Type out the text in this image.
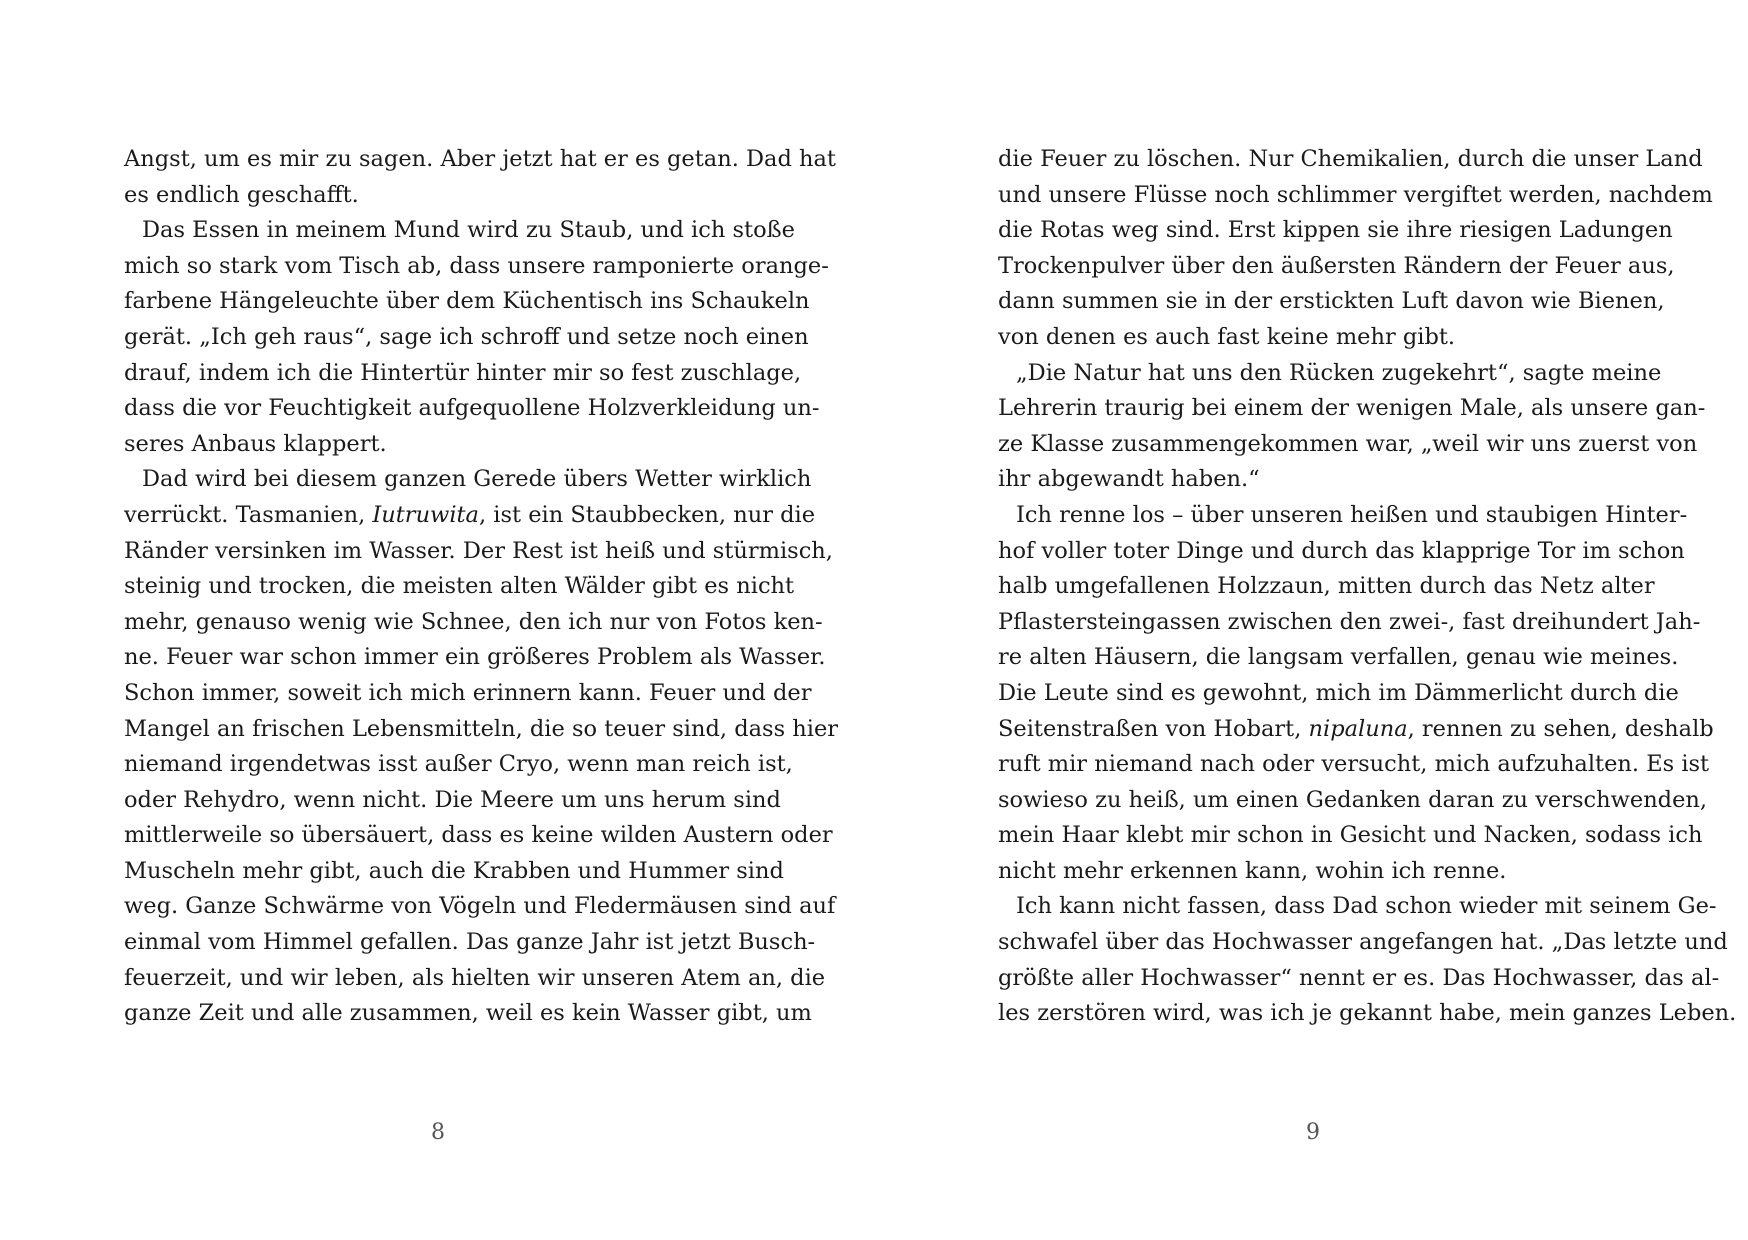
Angst, um es mir zu sagen. Aber jetzt hat er es getan. Dad hat
es endlich geschafft.
Das Essen in meinem Mund wird zu Staub, und ich stoße
mich so stark vom Tisch ab, dass unsere ramponierte orange-
farbene Hängeleuchte über dem Küchentisch ins Schaukeln
gerät. „Ich geh raus“, sage ich schroff und setze noch einen
drauf, indem ich die Hintertür hinter mir so fest zuschlage,
dass die vor Feuchtigkeit aufgequollene Holzverkleidung un-
seres Anbaus klappert.
Dad wird bei diesem ganzen Gerede übers Wetter wirklich
verrückt. Tasmanien, Iutruwita, ist ein Staubbecken, nur die
Ränder versinken im Wasser. Der Rest ist heiß und stürmisch,
steinig und trocken, die meisten alten Wälder gibt es nicht
mehr, genauso wenig wie Schnee, den ich nur von Fotos ken-
ne. Feuer war schon immer ein größeres Problem als Wasser.
Schon immer, soweit ich mich erinnern kann. Feuer und der
Mangel an frischen Lebensmitteln, die so teuer sind, dass hier
niemand irgendetwas isst außer Cryo, wenn man reich ist,
oder Rehydro, wenn nicht. Die Meere um uns herum sind
mittlerweile so übersäuert, dass es keine wilden Austern oder
Muscheln mehr gibt, auch die Krabben und Hummer sind
weg. Ganze Schwärme von Vögeln und Fledermäusen sind auf
einmal vom Himmel gefallen. Das ganze Jahr ist jetzt Busch-
feuerzeit, und wir leben, als hielten wir unseren Atem an, die
ganze Zeit und alle zusammen, weil es kein Wasser gibt, um
8
die Feuer zu löschen. Nur Chemikalien, durch die unser Land
und unsere Flüsse noch schlimmer vergiftet werden, nachdem
die Rotas weg sind. Erst kippen sie ihre riesigen Ladungen
Trockenpulver über den äußersten Rändern der Feuer aus,
dann summen sie in der erstickten Luft davon wie Bienen,
von denen es auch fast keine mehr gibt.
„Die Natur hat uns den Rücken zugekehrt“, sagte meine
Lehrerin traurig bei einem der wenigen Male, als unsere gan-
ze Klasse zusammengekommen war, „weil wir uns zuerst von
ihr abgewandt haben.“
Ich renne los – über unseren heißen und staubigen Hinter-
hof voller toter Dinge und durch das klapprige Tor im schon
halb umgefallenen Holzzaun, mitten durch das Netz alter
Pflastersteingassen zwischen den zwei-, fast dreihundert Jah-
re alten Häusern, die langsam verfallen, genau wie meines.
Die Leute sind es gewohnt, mich im Dämmerlicht durch die
Seitenstraßen von Hobart, nipaluna, rennen zu sehen, deshalb
ruft mir niemand nach oder versucht, mich aufzuhalten. Es ist
sowieso zu heiß, um einen Gedanken daran zu verschwenden,
mein Haar klebt mir schon in Gesicht und Nacken, sodass ich
nicht mehr erkennen kann, wohin ich renne.
Ich kann nicht fassen, dass Dad schon wieder mit seinem Ge-
schwafel über das Hochwasser angefangen hat. „Das letzte und
größte aller Hochwasser“ nennt er es. Das Hochwasser, das al-
les zerstören wird, was ich je gekannt habe, mein ganzes Leben.
9
